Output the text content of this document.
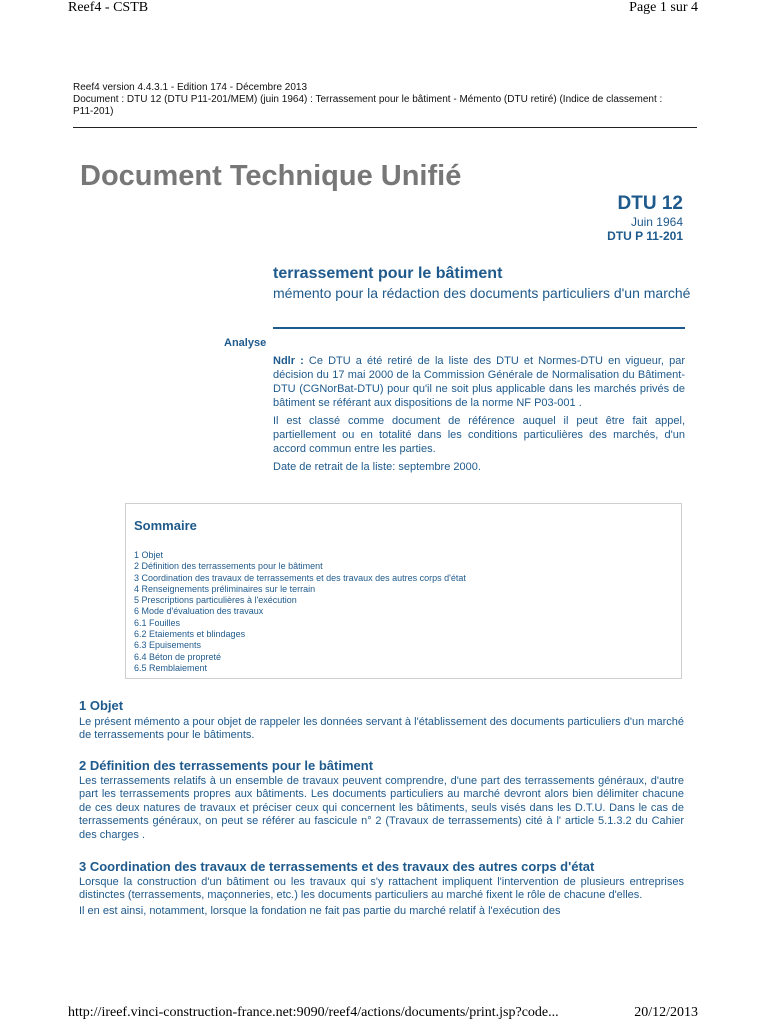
Reef4 - CSTB	Page 1 sur 4
Reef4 version 4.4.3.1 - Edition 174 - Décembre 2013
Document : DTU 12 (DTU P11-201/MEM) (juin 1964) : Terrassement pour le bâtiment - Mémento (DTU retiré) (Indice de classement : P11-201)
Document Technique Unifié
DTU 12
Juin 1964
DTU P 11-201
terrassement pour le bâtiment
mémento pour la rédaction des documents particuliers d'un marché
Analyse

Ndlr : Ce DTU a été retiré de la liste des DTU et Normes-DTU en vigueur, par décision du 17 mai 2000 de la Commission Générale de Normalisation du Bâtiment-DTU (CGNorBat-DTU) pour qu'il ne soit plus applicable dans les marchés privés de bâtiment se référant aux dispositions de la norme NF P03-001 .

Il est classé comme document de référence auquel il peut être fait appel, partiellement ou en totalité dans les conditions particulières des marchés, d'un accord commun entre les parties.

Date de retrait de la liste: septembre 2000.

Sommaire
1 Objet
2 Définition des terrassements pour le bâtiment
3 Coordination des travaux de terrassements et des travaux des autres corps d'état
4 Renseignements préliminaires sur le terrain
5 Prescriptions particulières à l'exécution
6 Mode d'évaluation des travaux
6.1 Fouilles
6.2 Etaiements et blindages
6.3 Epuisements
6.4 Béton de propreté
6.5 Remblaiement
1 Objet

Le présent mémento a pour objet de rappeler les données servant à l'établissement des documents particuliers d'un marché de terrassements pour le bâtiments.

2 Définition des terrassements pour le bâtiment

Les terrassements relatifs à un ensemble de travaux peuvent comprendre, d'une part des terrassements généraux, d'autre part les terrassements propres aux bâtiments. Les documents particuliers au marché devront alors bien délimiter chacune de ces deux natures de travaux et préciser ceux qui concernent les bâtiments, seuls visés dans les D.T.U. Dans le cas de terrassements généraux, on peut se référer au fascicule n° 2 (Travaux de terrassements) cité à l' article 5.1.3.2 du Cahier des charges .

3 Coordination des travaux de terrassements et des travaux des autres corps d'état

Lorsque la construction d'un bâtiment ou les travaux qui s'y rattachent impliquent l'intervention de plusieurs entreprises distinctes (terrassements, maçonneries, etc.) les documents particuliers au marché fixent le rôle de chacune d'elles.

Il en est ainsi, notamment, lorsque la fondation ne fait pas partie du marché relatif à l'exécution des

http://ireef.vinci-construction-france.net:9090/reef4/actions/documents/print.jsp?code...	20/12/2013
